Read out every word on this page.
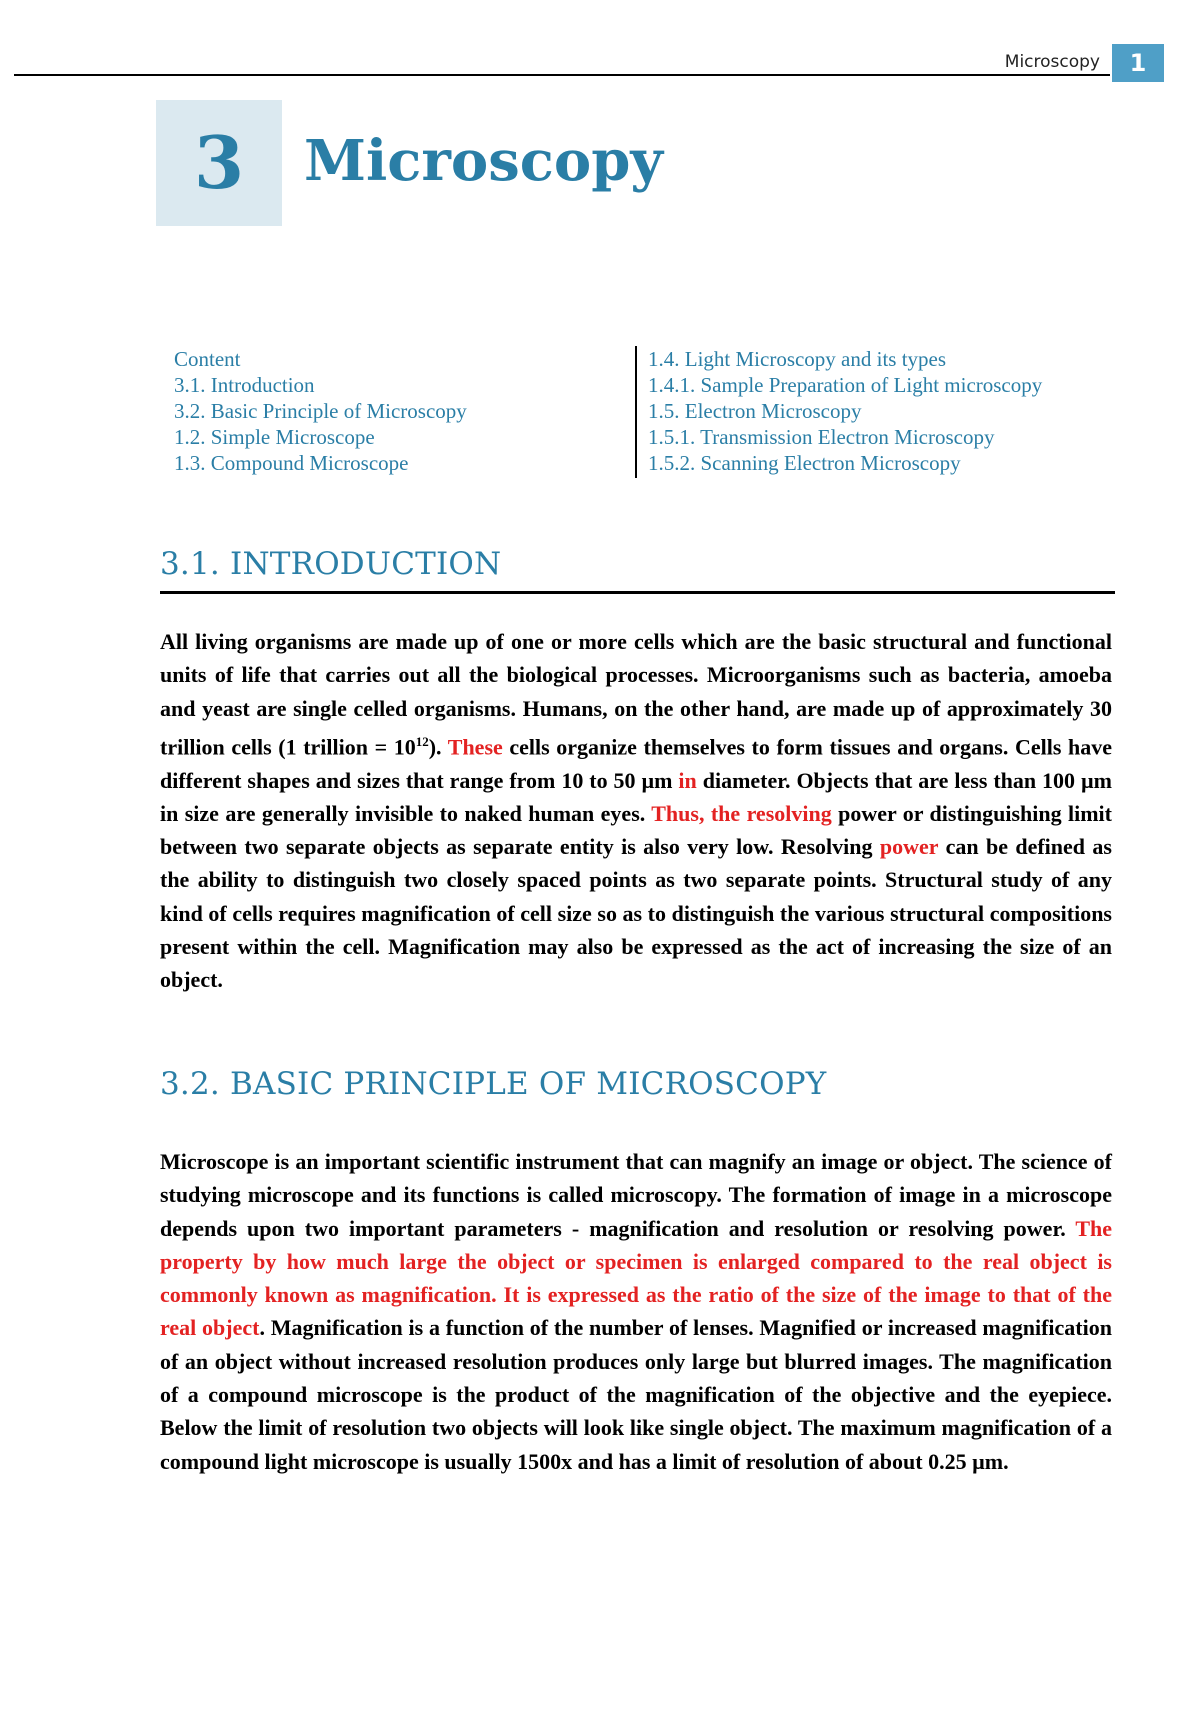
Microscopy	1
3	Microscopy
Content
3.1. Introduction
3.2. Basic Principle of Microscopy
1.2. Simple Microscope
1.3. Compound Microscope
1.4. Light Microscopy and its types
1.4.1. Sample Preparation of Light microscopy
1.5. Electron Microscopy
1.5.1. Transmission Electron Microscopy
1.5.2. Scanning Electron Microscopy
3.1. INTRODUCTION
All living organisms are made up of one or more cells which are the basic structural and functional units of life that carries out all the biological processes. Microorganisms such as bacteria, amoeba and yeast are single celled organisms. Humans, on the other hand, are made up of approximately 30 trillion cells (1 trillion = $10^{12}$). These cells organize themselves to form tissues and organs. Cells have different shapes and sizes that range from 10 to 50 µm in diameter. Objects that are less than 100 µm in size are generally invisible to naked human eyes. Thus, the resolving power or distinguishing limit between two separate objects as separate entity is also very low. Resolving power can be defined as the ability to distinguish two closely spaced points as two separate points. Structural study of any kind of cells requires magnification of cell size so as to distinguish the various structural compositions present within the cell. Magnification may also be expressed as the act of increasing the size of an object.
3.2. BASIC PRINCIPLE OF MICROSCOPY
Microscope is an important scientific instrument that can magnify an image or object. The science of studying microscope and its functions is called microscopy. The formation of image in a microscope depends upon two important parameters - magnification and resolution or resolving power. The property by how much large the object or specimen is enlarged compared to the real object is commonly known as magnification. It is expressed as the ratio of the size of the image to that of the real object. Magnification is a function of the number of lenses. Magnified or increased magnification of an object without increased resolution produces only large but blurred images. The magnification of a compound microscope is the product of the magnification of the objective and the eyepiece. Below the limit of resolution two objects will look like single object. The maximum magnification of a compound light microscope is usually 1500x and has a limit of resolution of about 0.25 µm.
